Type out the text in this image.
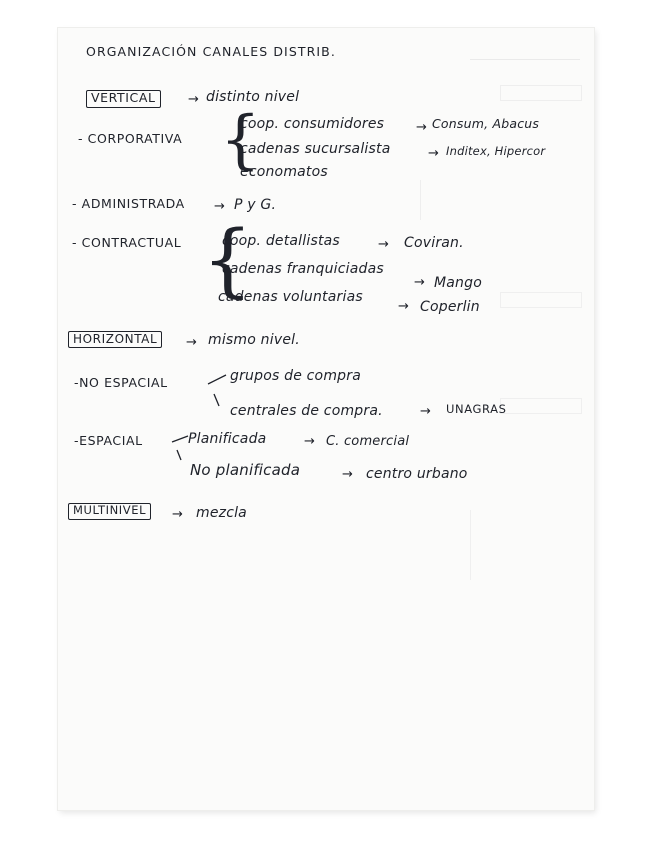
ORGANIZACIÓN CANALES DISTRIB.
VERTICAL	→ distinto nivel
- CORPORATIVA {
coop. consumidores → Consum, Abacus
cadenas sucursalista	→ Inditex, Hipercor
economatos
- ADMINISTRADA → P y G.
- CONTRACTUAL {
coop. detallistas	→ Coviran.
cadenas franquiciadas
→ Mango
cadenas voluntarias
→ Coperlin
HORIZONTAL	→ mismo nivel.
-NO ESPACIAL	grupos de compra
centrales de compra.	→ UNAGRAS
-ESPACIAL	Planificada	→ C. comercial
No planificada	→ centro urbano
MULTINIVEL	→ mezcla
